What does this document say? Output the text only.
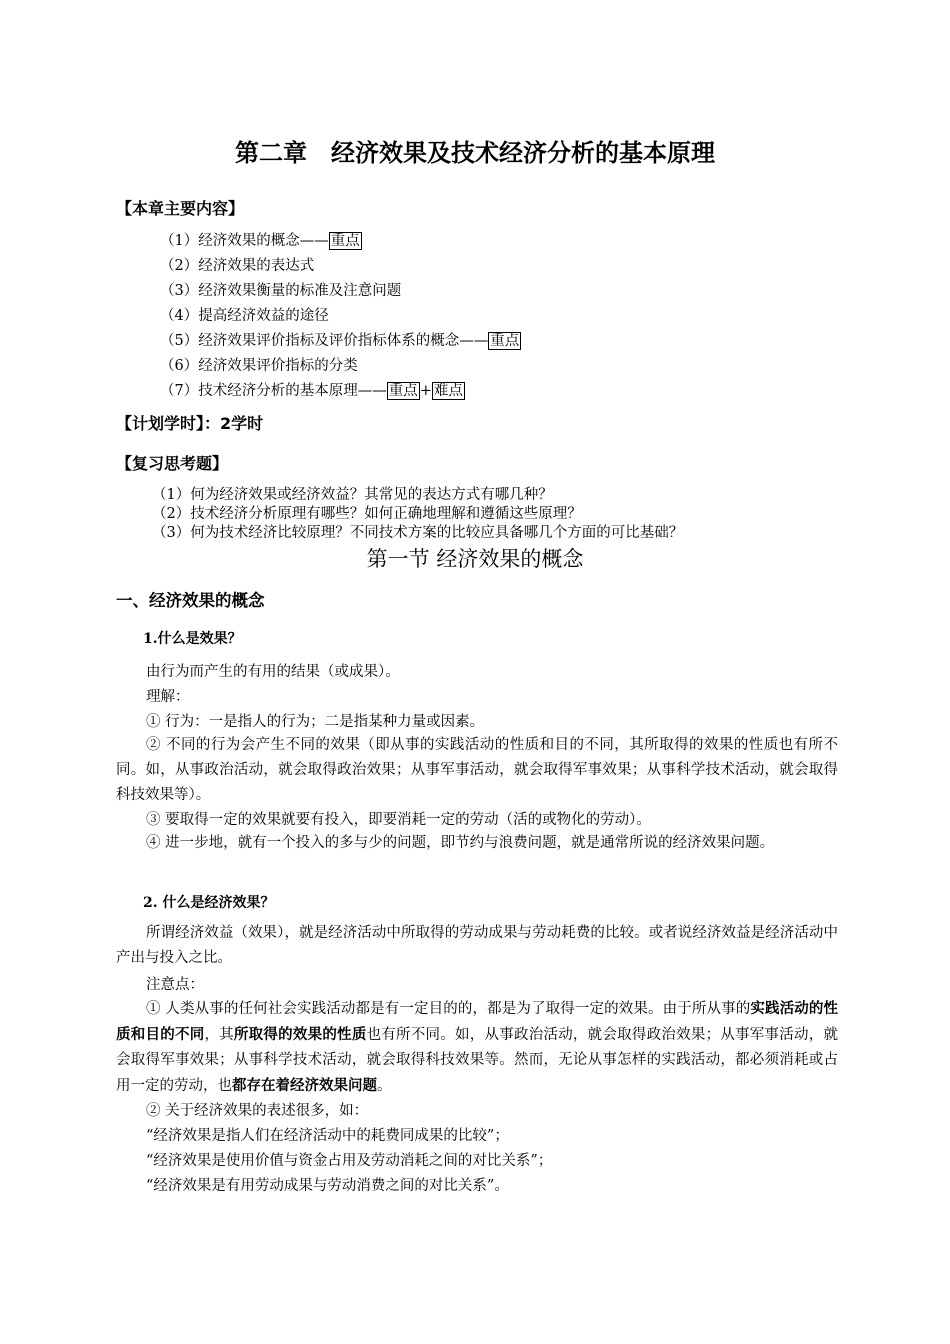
第二章　经济效果及技术经济分析的基本原理
【本章主要内容】
（1）经济效果的概念—— 重点
（2）经济效果的表达式
（3）经济效果衡量的标准及注意问题
（4）提高经济效益的途径
（5）经济效果评价指标及评价指标体系的概念—— 重点
（6）经济效果评价指标的分类
（7）技术经济分析的基本原理—— 重点 + 难点
【计划学时】：2学时
【复习思考题】
（1）何为经济效果或经济效益？其常见的表达方式有哪几种？
（2）技术经济分析原理有哪些？如何正确地理解和遵循这些原理？
（3）何为技术经济比较原理？不同技术方案的比较应具备哪几个方面的可比基础？
第一节 经济效果的概念
一、经济效果的概念
1.什么是效果？
由行为而产生的有用的结果（或成果）。
理解：
① 行为：一是指人的行为；二是指某种力量或因素。
② 不同的行为会产生不同的效果（即从事的实践活动的性质和目的不同，其所取得的效果的性质也有所不同。如，从事政治活动，就会取得政治效果；从事军事活动，就会取得军事效果；从事科学技术活动，就会取得科技效果等）。
③ 要取得一定的效果就要有投入，即要消耗一定的劳动（活的或物化的劳动）。
④ 进一步地，就有一个投入的多与少的问题，即节约与浪费问题，就是通常所说的经济效果问题。
2. 什么是经济效果？
所谓经济效益（效果），就是经济活动中所取得的劳动成果与劳动耗费的比较。或者说经济效益是经济活动中产出与投入之比。
注意点：
① 人类从事的任何社会实践活动都是有一定目的的，都是为了取得一定的效果。由于所从事的实践活动的性质和目的不同，其所取得的效果的性质也有所不同。如，从事政治活动，就会取得政治效果；从事军事活动，就会取得军事效果；从事科学技术活动，就会取得科技效果等。然而，无论从事怎样的实践活动，都必须消耗或占用一定的劳动，也都存在着经济效果问题。
② 关于经济效果的表述很多，如：
“经济效果是指人们在经济活动中的耗费同成果的比较”；
“经济效果是使用价值与资金占用及劳动消耗之间的对比关系”；
“经济效果是有用劳动成果与劳动消费之间的对比关系”。
